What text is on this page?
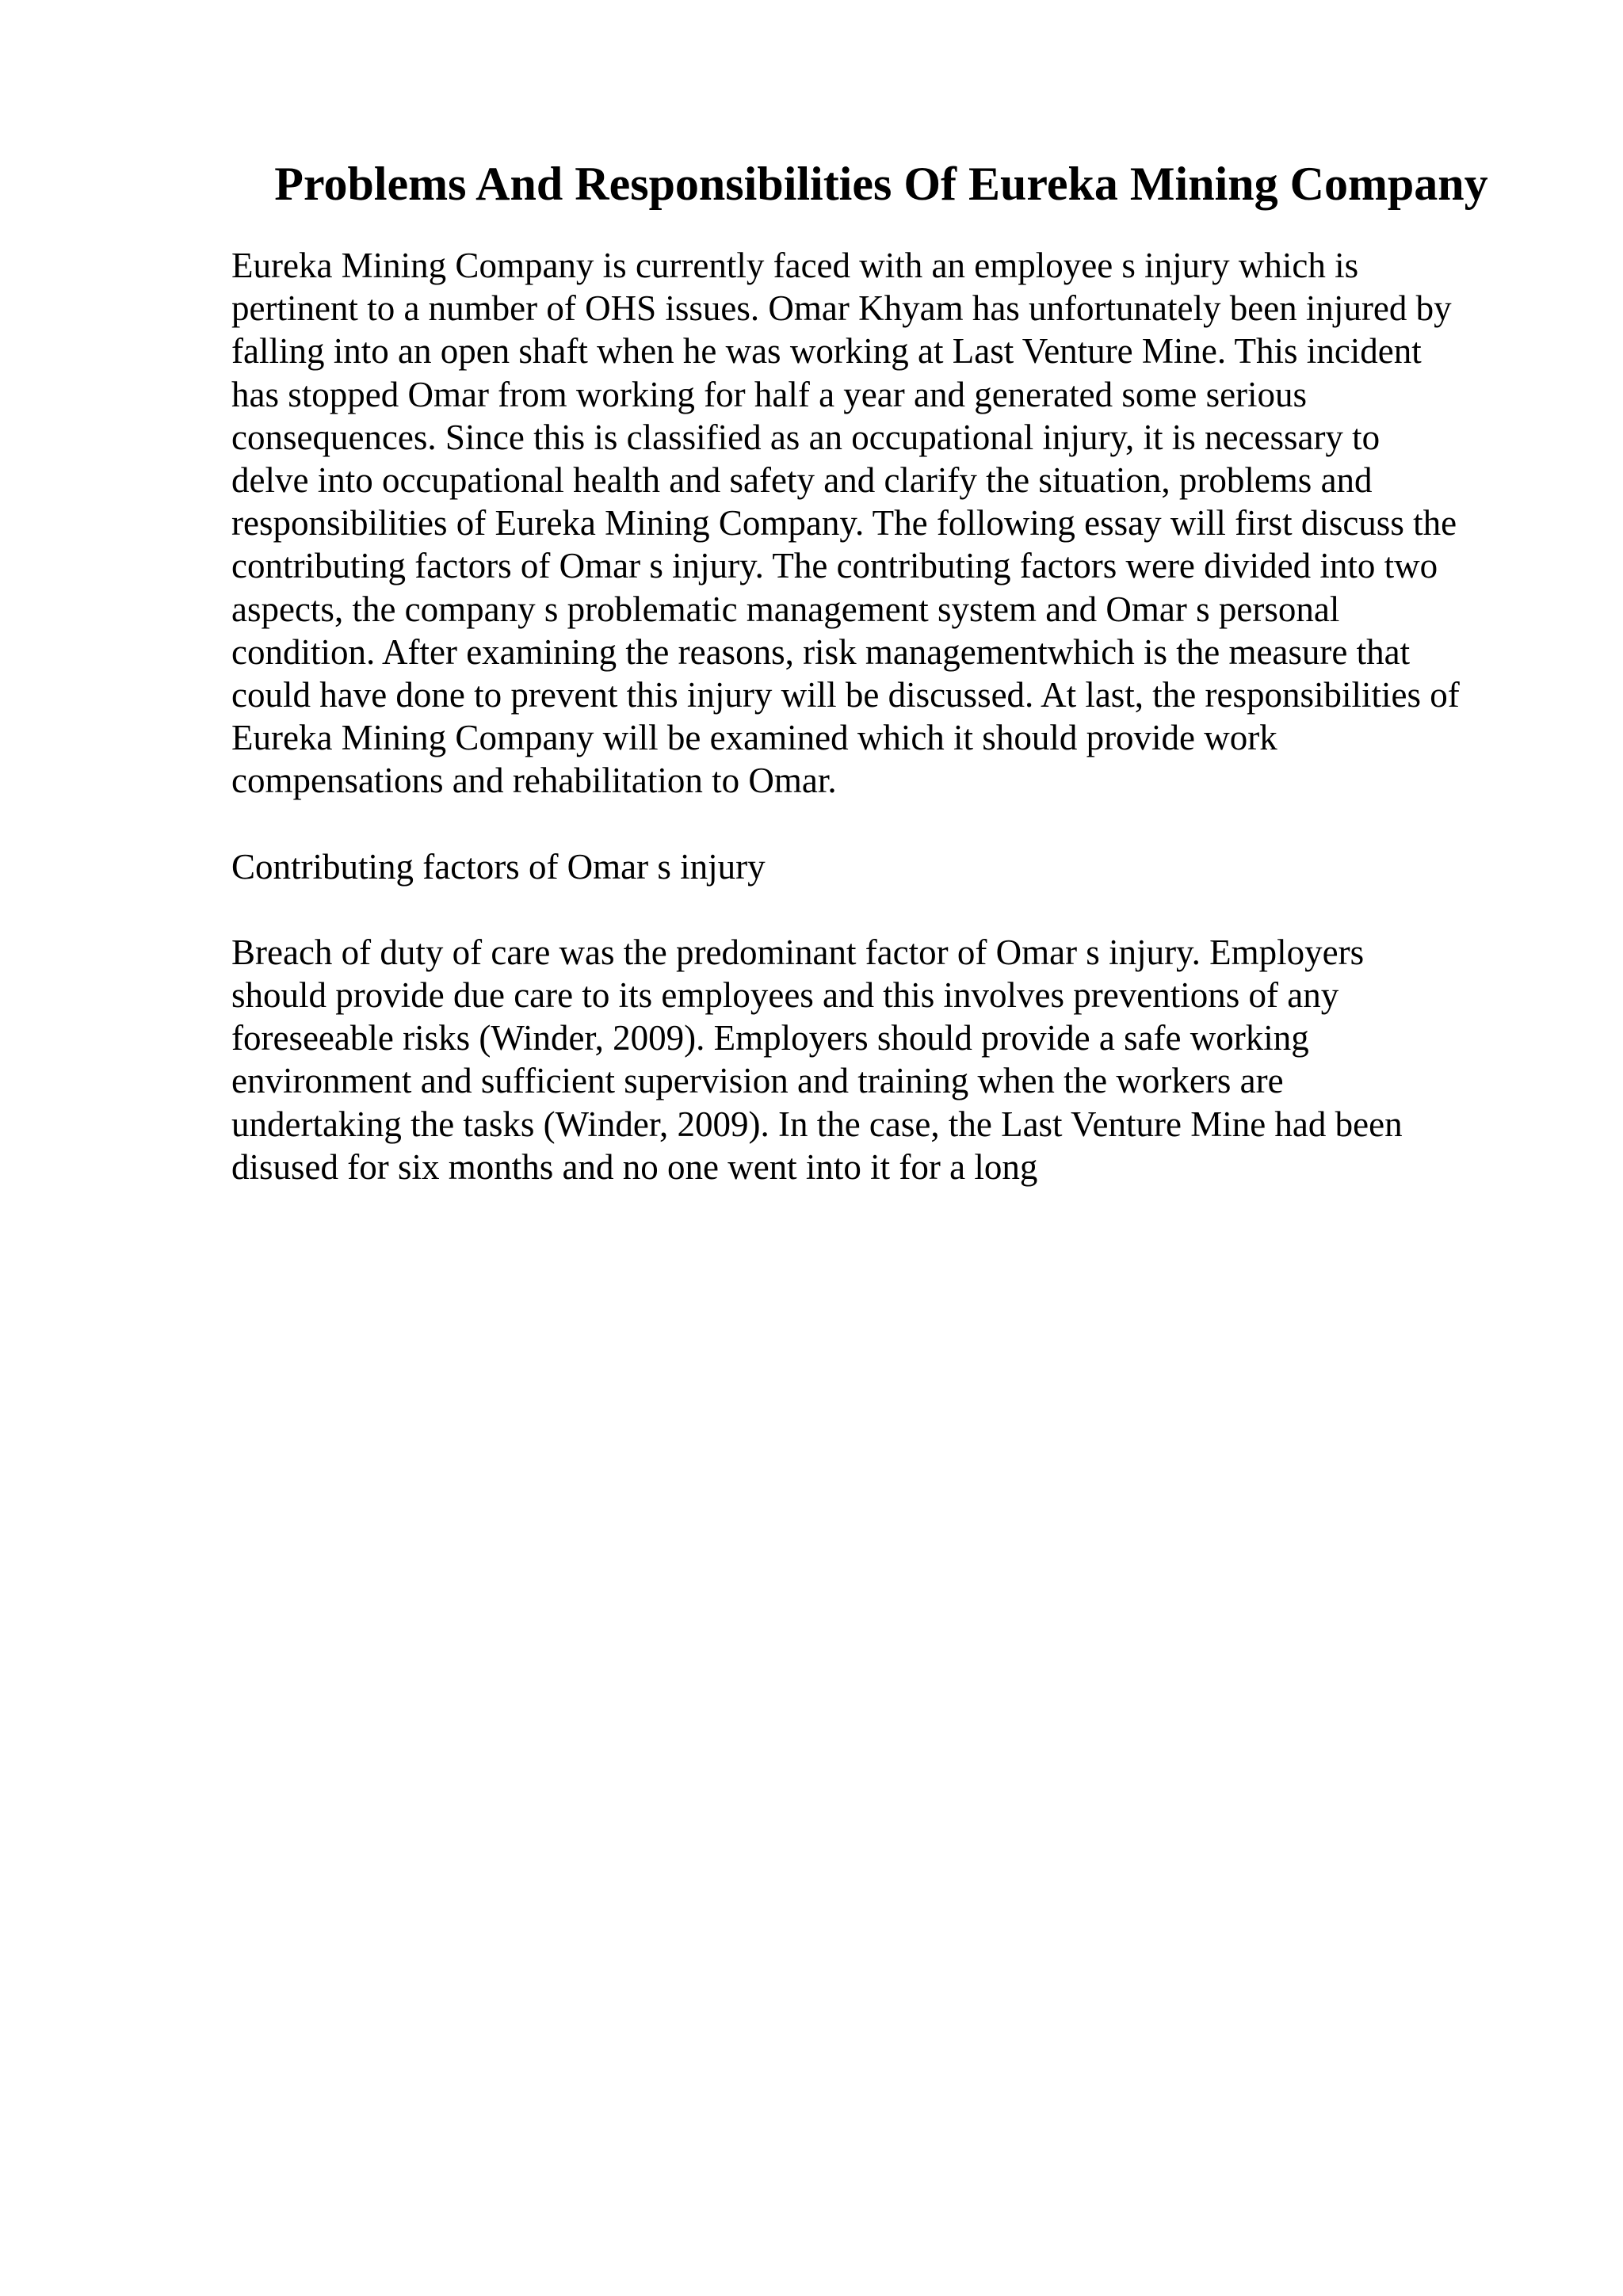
Problems And Responsibilities Of Eureka Mining Company

Eureka Mining Company is currently faced with an employee s injury which is
pertinent to a number of OHS issues. Omar Khyam has unfortunately been injured by
falling into an open shaft when he was working at Last Venture Mine. This incident
has stopped Omar from working for half a year and generated some serious
consequences. Since this is classified as an occupational injury, it is necessary to
delve into occupational health and safety and clarify the situation, problems and
responsibilities of Eureka Mining Company. The following essay will first discuss the
contributing factors of Omar s injury. The contributing factors were divided into two
aspects, the company s problematic management system and Omar s personal
condition. After examining the reasons, risk managementwhich is the measure that
could have done to prevent this injury will be discussed. At last, the responsibilities of
Eureka Mining Company will be examined which it should provide work
compensations and rehabilitation to Omar.

Contributing factors of Omar s injury

Breach of duty of care was the predominant factor of Omar s injury. Employers
should provide due care to its employees and this involves preventions of any
foreseeable risks (Winder, 2009). Employers should provide a safe working
environment and sufficient supervision and training when the workers are
undertaking the tasks (Winder, 2009). In the case, the Last Venture Mine had been
disused for six months and no one went into it for a long
